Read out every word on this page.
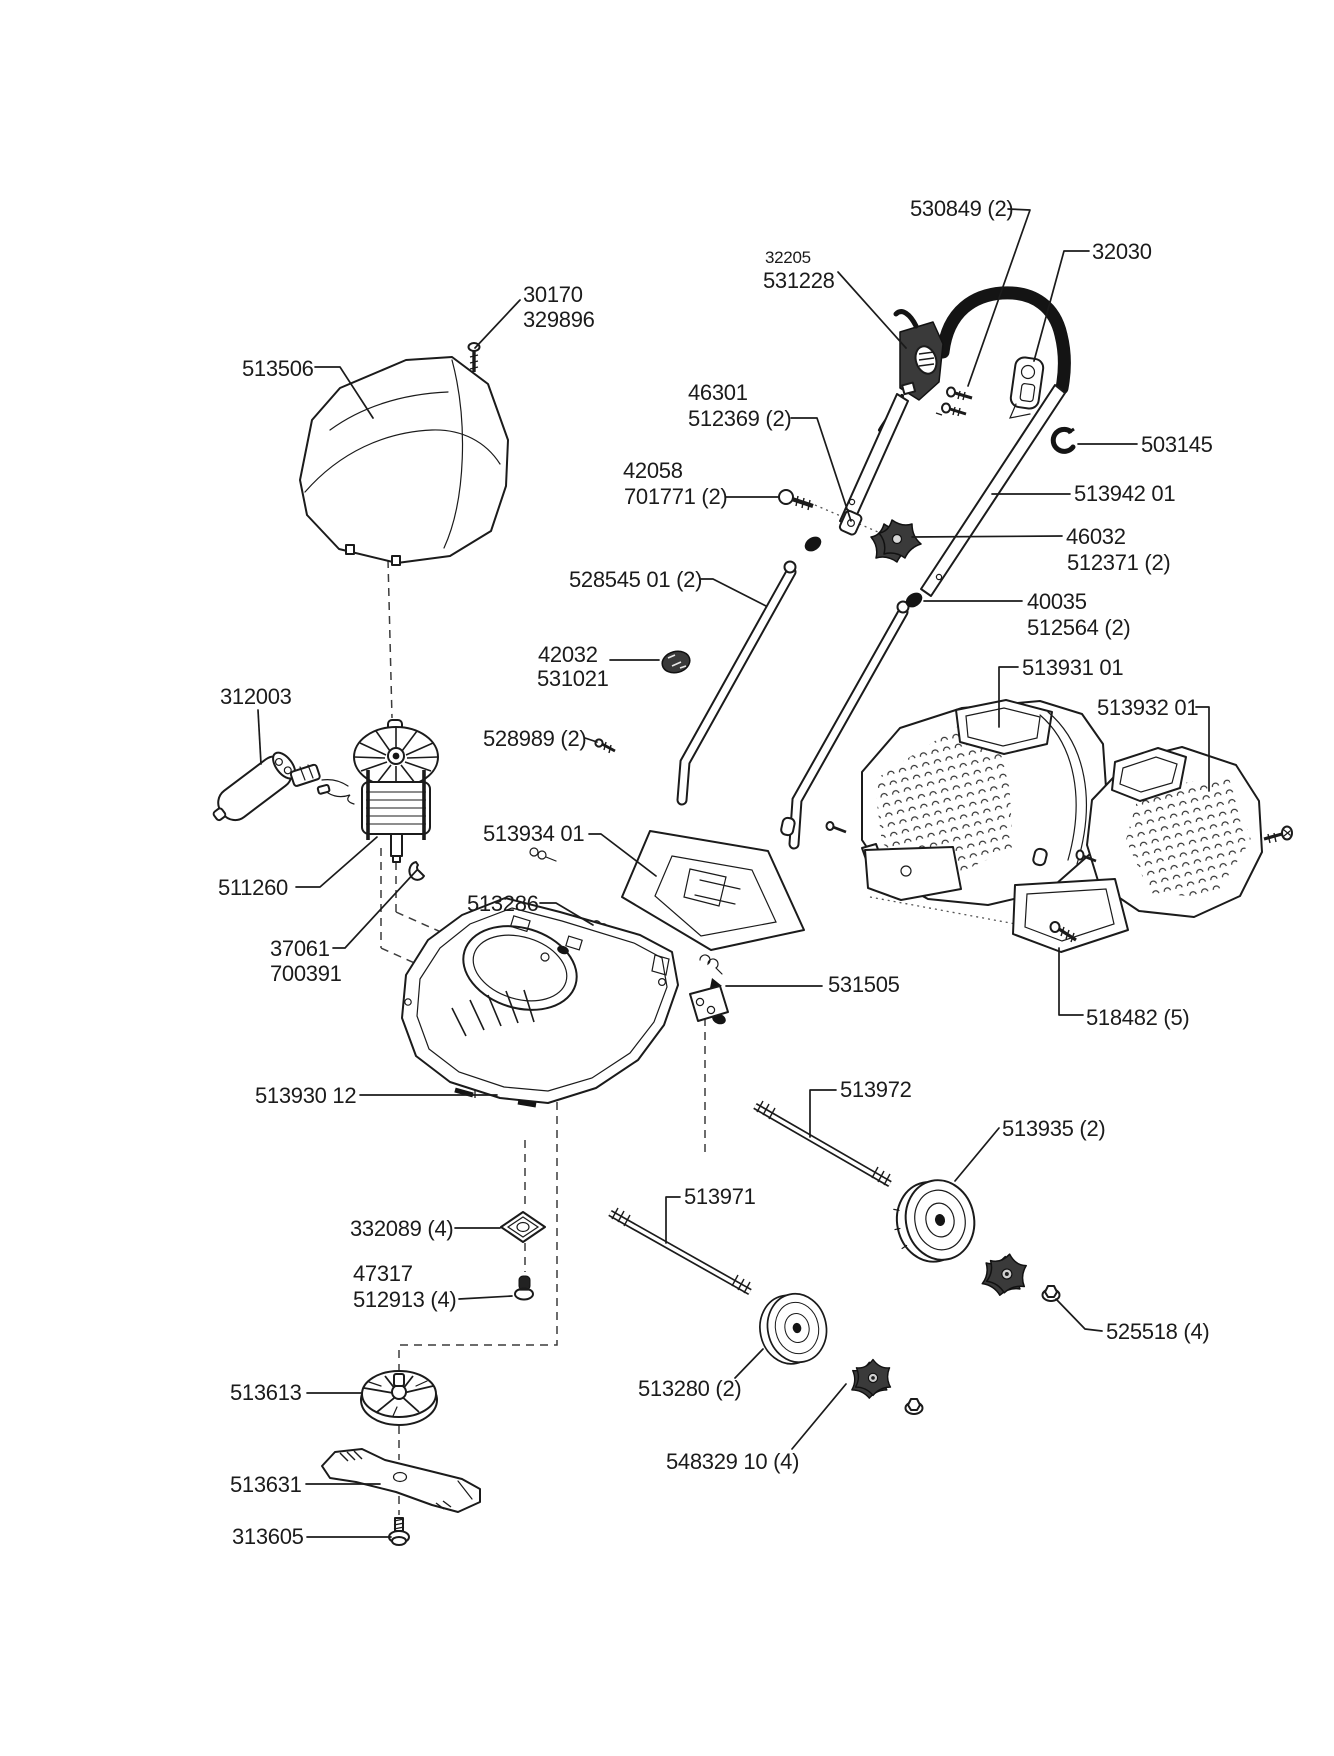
530849 (2)
32205
531228
32030
46301
512369 (2)
42058
701771 (2)
503145
513942 01
46032
512371 (2)
528545 01 (2)
40035
512564 (2)
513931 01
42032
531021
513932 01
312003
528989 (2)
513934 01
30170
329896
513506
511260
37061
700391
513286
531505
518482 (5)
513930 12	513972
513935 (2)
513971
513280 (2)
525518 (4)
548329 10 (4)
332089 (4)
47317
512913 (4)
513613
513631
313605
